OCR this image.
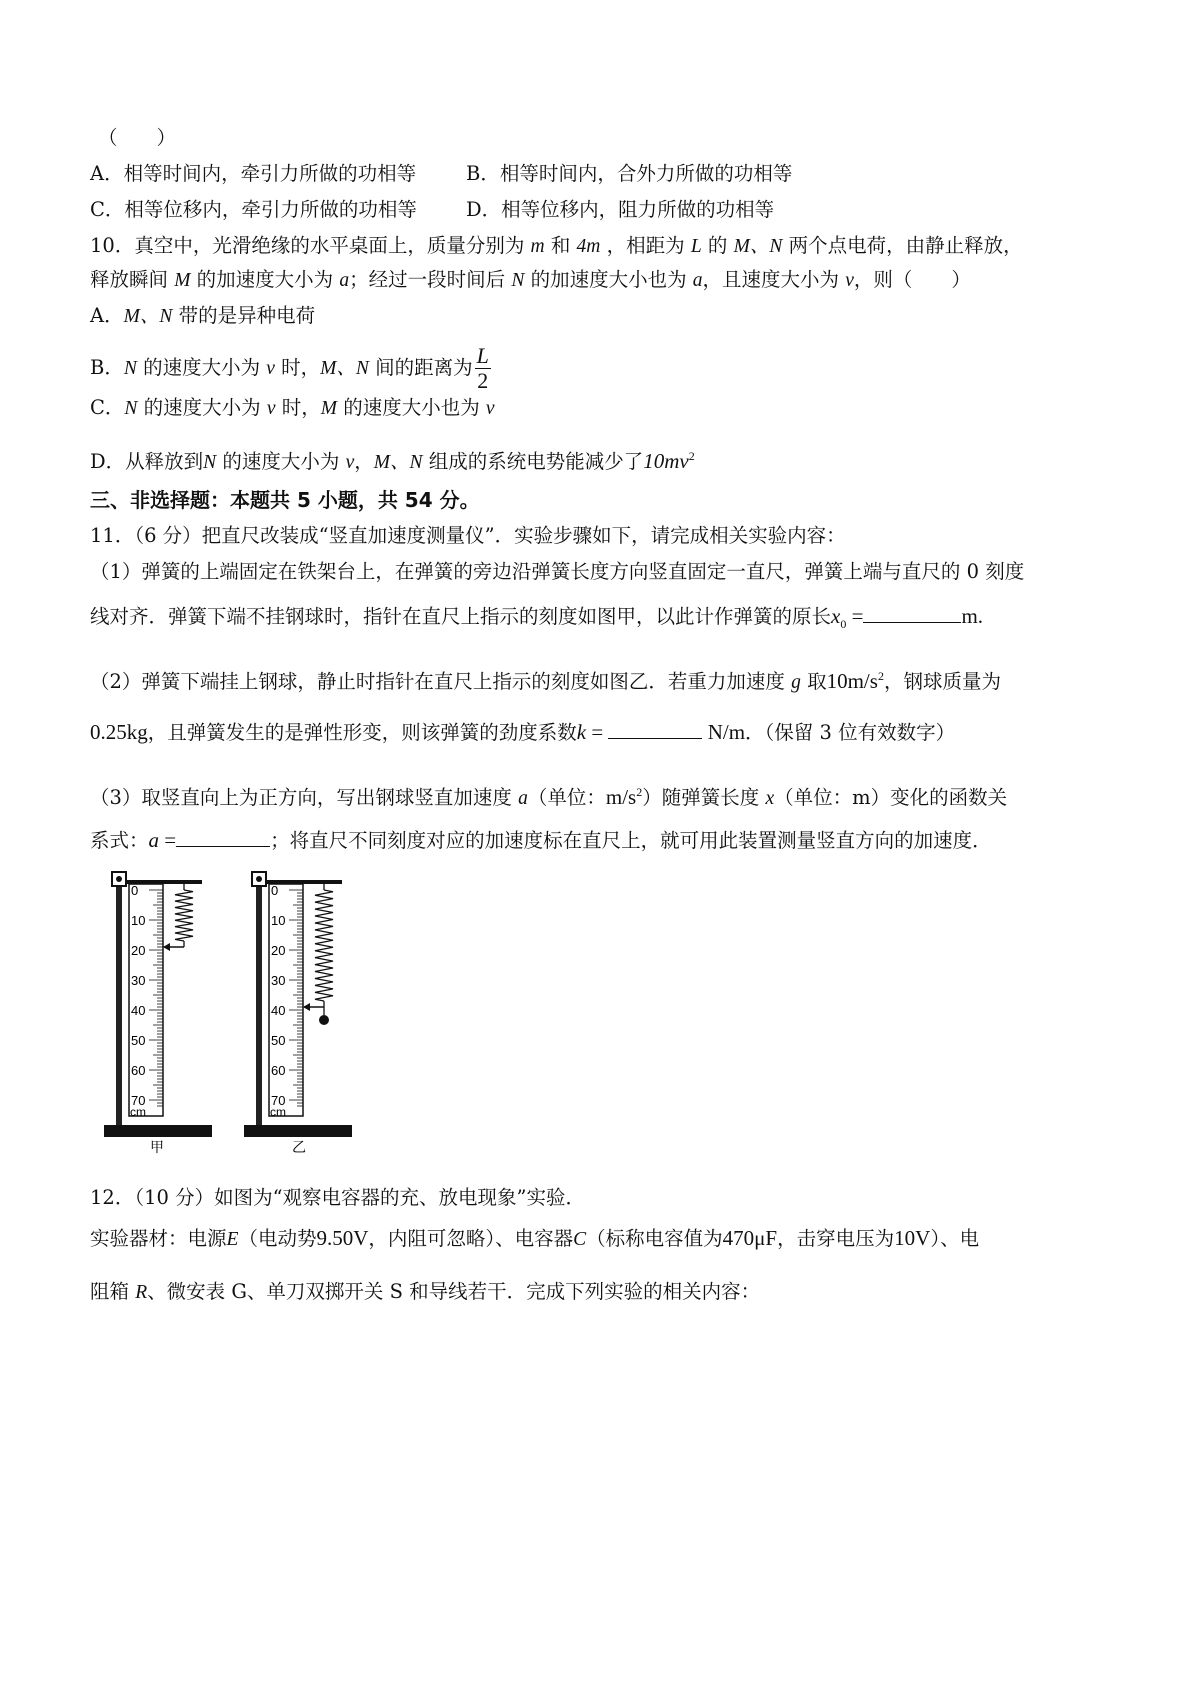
（　　）
A．相等时间内，牵引力所做的功相等	B．相等时间内，合外力所做的功相等
C．相等位移内，牵引力所做的功相等	D．相等位移内，阻力所做的功相等
10．真空中，光滑绝缘的水平桌面上，质量分别为 m 和 4m ，相距为 L 的 M、N 两个点电荷，由静止释放，
释放瞬间 M 的加速度大小为 a；经过一段时间后 N 的加速度大小也为 a，且速度大小为 v，则（　　）
A．M、N 带的是异种电荷
B．N 的速度大小为 v 时，M、N 间的距离为 $\frac{L}{2}$
C．N 的速度大小为 v 时，M 的速度大小也为 v
D．从释放到N 的速度大小为 v，M、N 组成的系统电势能减少了$10mv^2$
三、非选择题：本题共 5 小题，共 54 分。
11．（6 分）把直尺改装成“竖直加速度测量仪”．实验步骤如下，请完成相关实验内容：
（1）弹簧的上端固定在铁架台上，在弹簧的旁边沿弹簧长度方向竖直固定一直尺，弹簧上端与直尺的 0 刻度
线对齐．弹簧下端不挂钢球时，指针在直尺上指示的刻度如图甲，以此计作弹簧的原长$x_0$ =	m.
（2）弹簧下端挂上钢球，静止时指针在直尺上指示的刻度如图乙．若重力加速度 g 取$10m/s^2$，钢球质量为
0.25kg，且弹簧发生的是弹性形变，则该弹簧的劲度系数k =	N/m．（保留 3 位有效数字）
（3）取竖直向上为正方向，写出钢球竖直加速度 a（单位：$m/s^2$）随弹簧长度 x（单位：m）变化的函数关
系式：a =	；将直尺不同刻度对应的加速度标在直尺上，就可用此装置测量竖直方向的加速度．
0
10
20
30
40
50
60
70
cm
0
10
20
30
40
50
60
70
cm
甲	乙
12．（10 分）如图为“观察电容器的充、放电现象”实验．
实验器材：电源E（电动势9.50V，内阻可忽略）、电容器C（标称电容值为470μF，击穿电压为10V）、电
阻箱 R、微安表 G、单刀双掷开关 S 和导线若干．完成下列实验的相关内容：
